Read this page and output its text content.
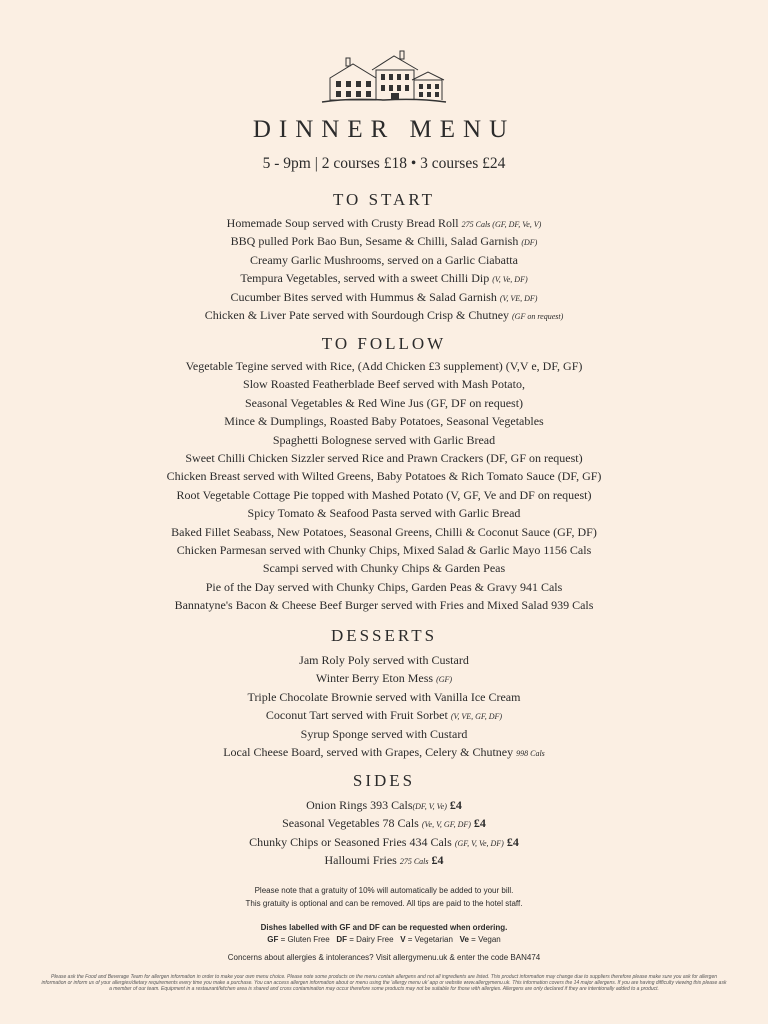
DINNER MENU
5 - 9pm | 2 courses £18 • 3 courses £24
TO START
Homemade Soup served with Crusty Bread Roll 275 Cals (GF, DF, Ve, V)
BBQ pulled Pork Bao Bun, Sesame & Chilli, Salad Garnish (DF)
Creamy Garlic Mushrooms, served on a Garlic Ciabatta
Tempura Vegetables, served with a sweet Chilli Dip (V, Ve, DF)
Cucumber Bites served with Hummus & Salad Garnish (V, VE, DF)
Chicken & Liver Pate served with Sourdough Crisp & Chutney (GF on request)
TO FOLLOW
Vegetable Tegine served with Rice, (Add Chicken £3 supplement) (V,V e, DF, GF)
Slow Roasted Featherblade Beef served with Mash Potato,
Seasonal Vegetables & Red Wine Jus (GF, DF on request)
Mince & Dumplings, Roasted Baby Potatoes, Seasonal Vegetables
Spaghetti Bolognese served with Garlic Bread
Sweet Chilli Chicken Sizzler served Rice and Prawn Crackers (DF, GF on request)
Chicken Breast served with Wilted Greens, Baby Potatoes & Rich Tomato Sauce (DF, GF)
Root Vegetable Cottage Pie topped with Mashed Potato (V, GF, Ve and DF on request)
Spicy Tomato & Seafood Pasta served with Garlic Bread
Baked Fillet Seabass, New Potatoes, Seasonal Greens, Chilli & Coconut Sauce (GF, DF)
Chicken Parmesan served with Chunky Chips, Mixed Salad & Garlic Mayo 1156 Cals
Scampi served with Chunky Chips & Garden Peas
Pie of the Day served with Chunky Chips, Garden Peas & Gravy 941 Cals
Bannatyne's Bacon & Cheese Beef Burger served with Fries and Mixed Salad 939 Cals
DESSERTS
Jam Roly Poly served with Custard
Winter Berry Eton Mess (GF)
Triple Chocolate Brownie served with Vanilla Ice Cream
Coconut Tart served with Fruit Sorbet (V, VE, GF, DF)
Syrup Sponge served with Custard
Local Cheese Board, served with Grapes, Celery & Chutney 998 Cals
SIDES
Onion Rings 393 Cals(DF, V, Ve) £4
Seasonal Vegetables 78 Cals (Ve, V, GF, DF) £4
Chunky Chips or Seasoned Fries 434 Cals (GF, V, Ve, DF) £4
Halloumi Fries 275 Cals £4
Please note that a gratuity of 10% will automatically be added to your bill.
This gratuity is optional and can be removed. All tips are paid to the hotel staff.
Dishes labelled with GF and DF can be requested when ordering.
GF = Gluten Free DF = Dairy Free V = Vegetarian Ve = Vegan
Concerns about allergies & intolerances? Visit allergymenu.uk & enter the code BAN474
Please ask the Food and Beverage Team for allergen information in order to make your own menu choice. Please note some products on the menu contain allergens and not all ingredients are listed. This product information may change due to suppliers therefore please make sure you ask for allergen information or inform us of your allergies/dietary requirements every time you make a purchase. You can access allergen information about or menu using the 'allergy menu uk' app or website www.allergymenu.uk. This information covers the 14 major allergens. If you are having difficulty viewing this please ask a member of our team. Equipment in a restaurant/kitchen area is shared and cross contamination may occur therefore some products may not be suitable for those with allergies. Allergens are only declared if they are intentionally added to a product.
